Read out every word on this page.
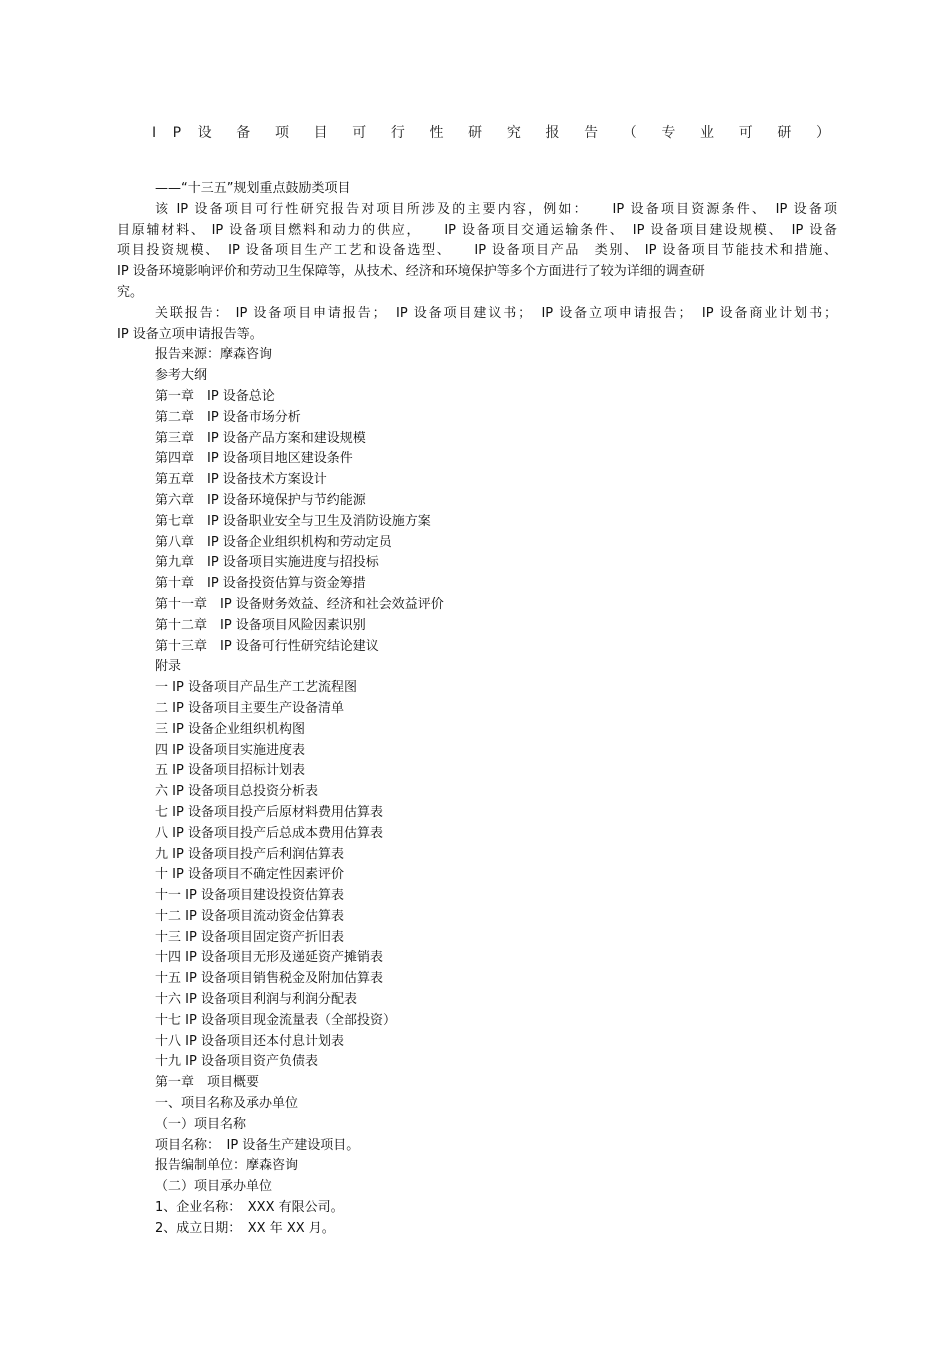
I P 设 备 项 目 可 行 性 研 究 报 告 （ 专 业 可 研 ）
——“十三五”规划重点鼓励类项目
该 IP 设备项目可行性研究报告对项目所涉及的主要内容，例如：　　IP 设备项目资源条件、　IP 设备项
目原辅材料、 IP 设备项目燃料和动力的供应，　　IP 设备项目交通运输条件、　IP 设备项目建设规模、　IP 设备
项目投资规模、　IP 设备项目生产工艺和设备选型、　　IP 设备项目产品　类别、 IP 设备项目节能技术和措施、
IP 设备环境影响评价和劳动卫生保障等，从技术、经济和环境保护等多个方面进行了较为详细的调查研
究。
关联报告： IP 设备项目申请报告；　IP 设备项目建议书；　IP 设备立项申请报告；　IP 设备商业计划书；
IP 设备立项申请报告等。
报告来源：摩森咨询
参考大纲
第一章　IP 设备总论
第二章　IP 设备市场分析
第三章　IP 设备产品方案和建设规模
第四章　IP 设备项目地区建设条件
第五章　IP 设备技术方案设计
第六章　IP 设备环境保护与节约能源
第七章　IP 设备职业安全与卫生及消防设施方案
第八章　IP 设备企业组织机构和劳动定员
第九章　IP 设备项目实施进度与招投标
第十章　IP 设备投资估算与资金筹措
第十一章　IP 设备财务效益、经济和社会效益评价
第十二章　IP 设备项目风险因素识别
第十三章　IP 设备可行性研究结论建议
附录
一 IP 设备项目产品生产工艺流程图
二 IP 设备项目主要生产设备清单
三 IP 设备企业组织机构图
四 IP 设备项目实施进度表
五 IP 设备项目招标计划表
六 IP 设备项目总投资分析表
七 IP 设备项目投产后原材料费用估算表
八 IP 设备项目投产后总成本费用估算表
九 IP 设备项目投产后利润估算表
十 IP 设备项目不确定性因素评价
十一 IP 设备项目建设投资估算表
十二 IP 设备项目流动资金估算表
十三 IP 设备项目固定资产折旧表
十四 IP 设备项目无形及递延资产摊销表
十五 IP 设备项目销售税金及附加估算表
十六 IP 设备项目利润与利润分配表
十七 IP 设备项目现金流量表（全部投资）
十八 IP 设备项目还本付息计划表
十九 IP 设备项目资产负债表
第一章　项目概要
一、项目名称及承办单位
（一）项目名称
项目名称：　IP 设备生产建设项目。
报告编制单位：摩森咨询
（二）项目承办单位
1、企业名称：　XXX 有限公司。
2、成立日期：　XX 年 XX 月。
